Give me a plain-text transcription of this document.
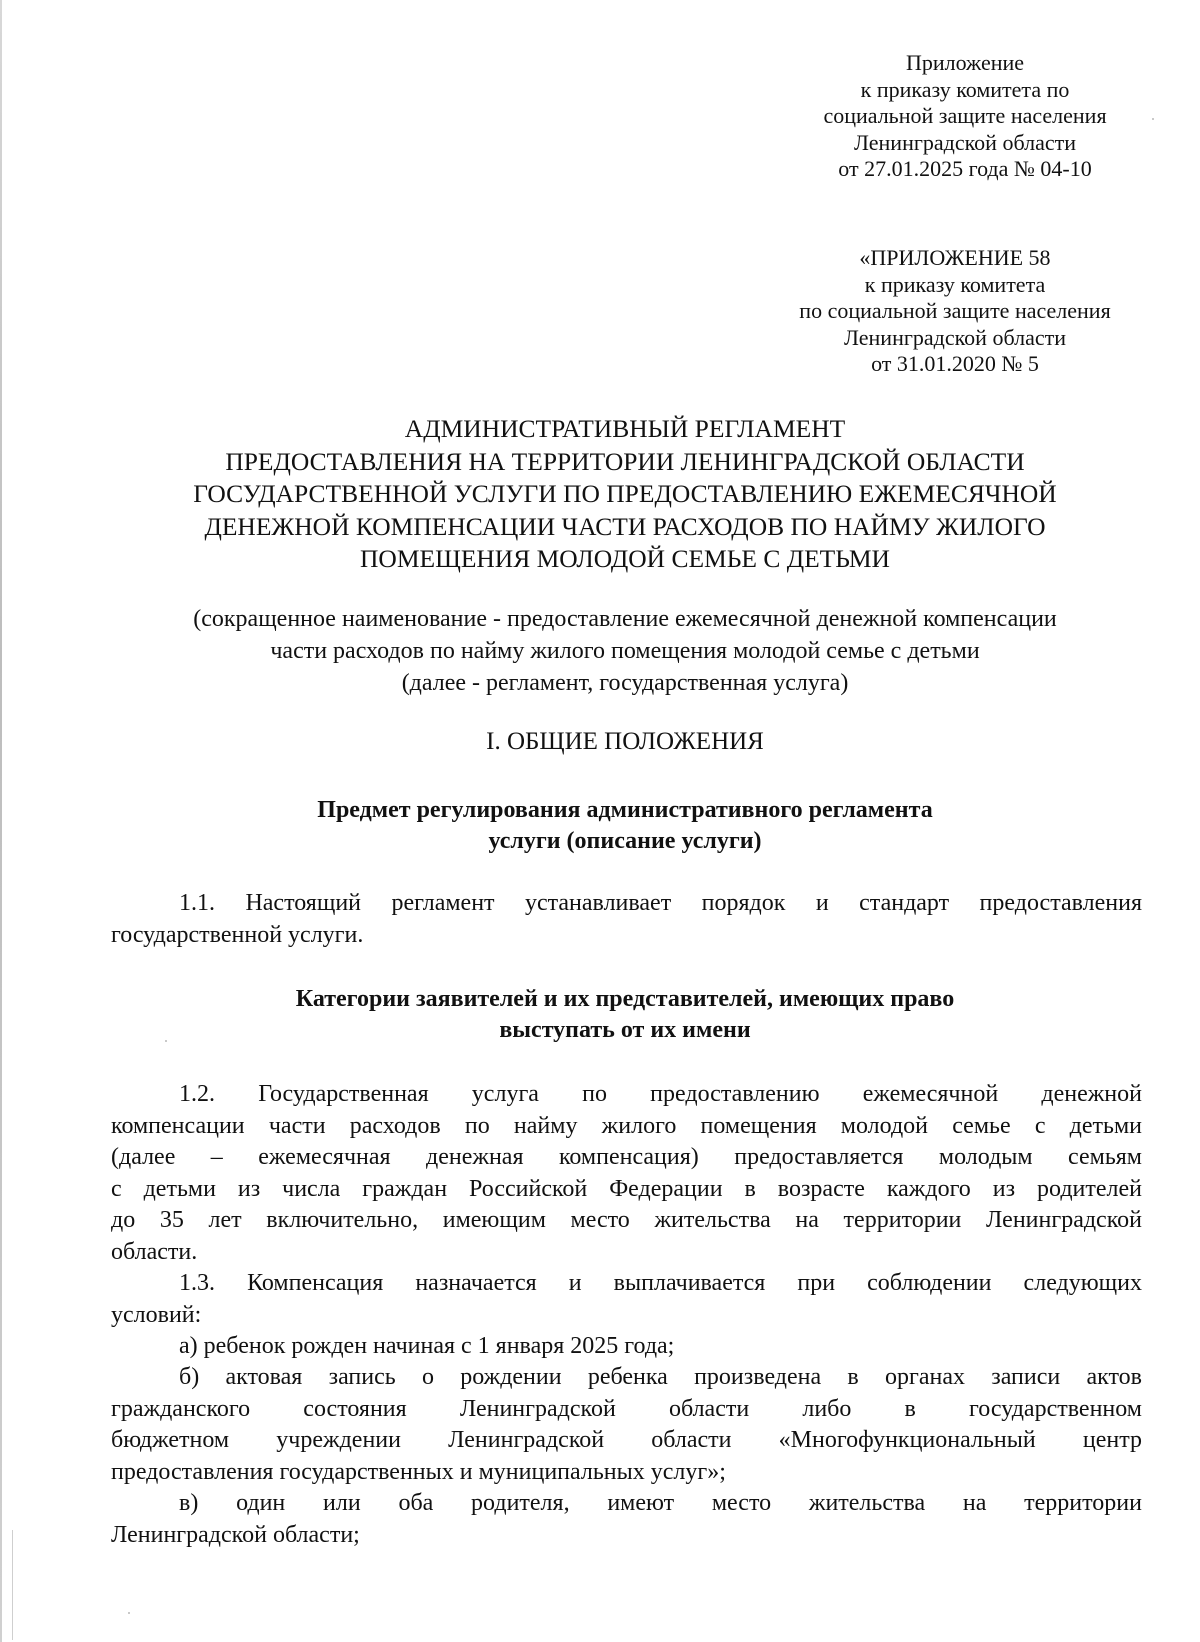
Приложение
к приказу комитета по
социальной защите населения
Ленинградской области
от 27.01.2025 года № 04-10
«ПРИЛОЖЕНИЕ 58
к приказу комитета
по социальной защите населения
Ленинградской области
от 31.01.2020 № 5
АДМИНИСТРАТИВНЫЙ РЕГЛАМЕНТ
ПРЕДОСТАВЛЕНИЯ НА ТЕРРИТОРИИ ЛЕНИНГРАДСКОЙ ОБЛАСТИ
ГОСУДАРСТВЕННОЙ УСЛУГИ ПО ПРЕДОСТАВЛЕНИЮ ЕЖЕМЕСЯЧНОЙ
ДЕНЕЖНОЙ КОМПЕНСАЦИИ ЧАСТИ РАСХОДОВ ПО НАЙМУ ЖИЛОГО
ПОМЕЩЕНИЯ МОЛОДОЙ СЕМЬЕ С ДЕТЬМИ
(сокращенное наименование - предоставление ежемесячной денежной компенсации
части расходов по найму жилого помещения молодой семье с детьми
(далее - регламент, государственная услуга)
I. ОБЩИЕ ПОЛОЖЕНИЯ
Предмет регулирования административного регламента
услуги (описание услуги)
1.1. Настоящий регламент устанавливает порядок и стандарт предоставления
государственной услуги.
Категории заявителей и их представителей, имеющих право
выступать от их имени
1.2. Государственная услуга по предоставлению ежемесячной денежной
компенсации части расходов по найму жилого помещения молодой семье с детьми
(далее – ежемесячная денежная компенсация) предоставляется молодым семьям
с детьми из числа граждан Российской Федерации в возрасте каждого из родителей
до 35 лет включительно, имеющим место жительства на территории Ленинградской
области.
1.3. Компенсация назначается и выплачивается при соблюдении следующих
условий:
а) ребенок рожден начиная с 1 января 2025 года;
б) актовая запись о рождении ребенка произведена в органах записи актов
гражданского состояния Ленинградской области либо в государственном
бюджетном учреждении Ленинградской области «Многофункциональный центр
предоставления государственных и муниципальных услуг»;
в) один или оба родителя, имеют место жительства на территории
Ленинградской области;
